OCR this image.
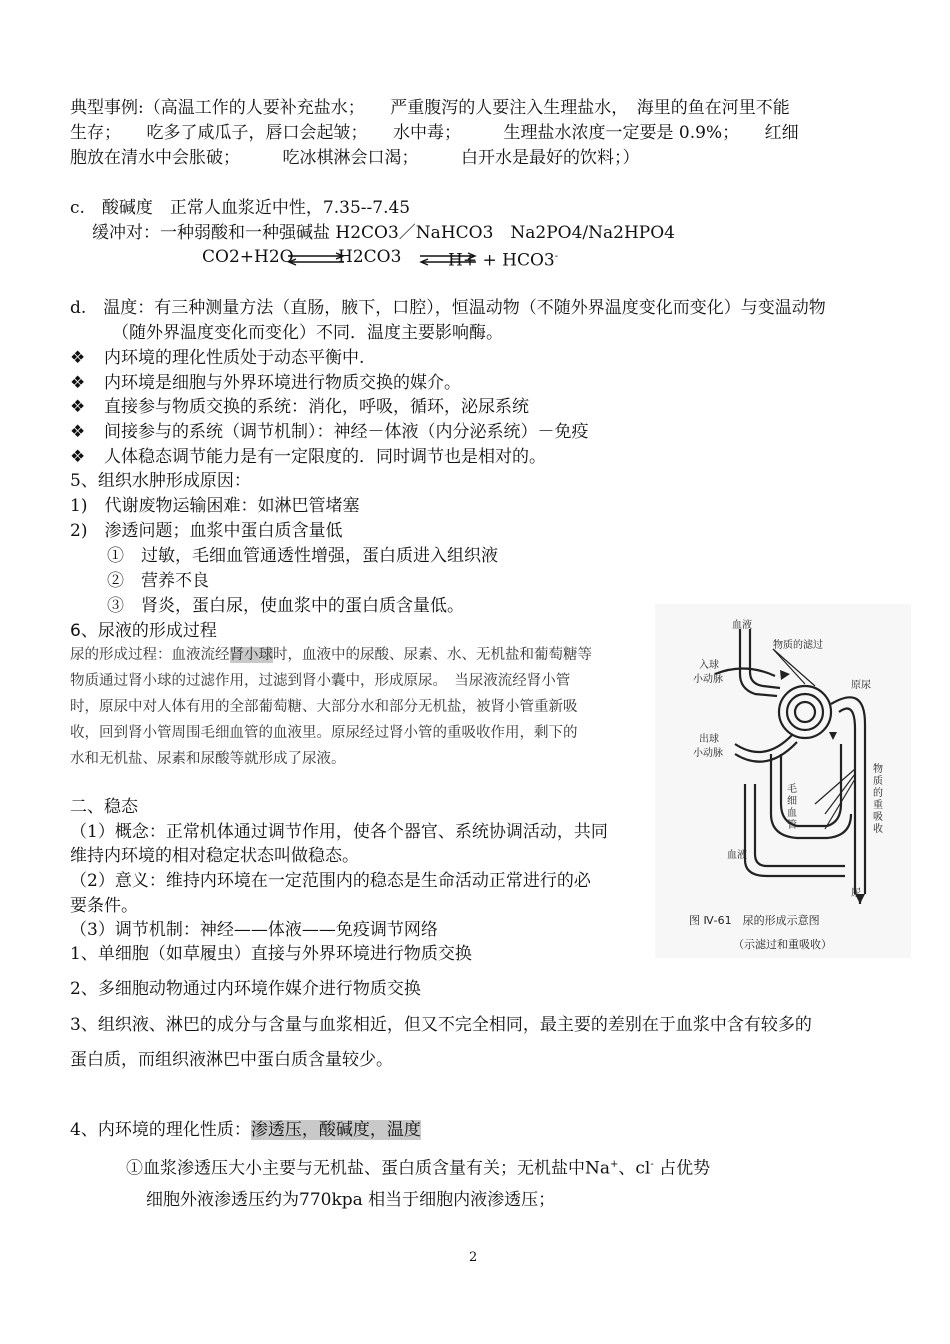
典型事例:（高温工作的人要补充盐水；　　严重腹泻的人要注入生理盐水，　海里的鱼在河里不能
生存；　　吃多了咸瓜子，唇口会起皱；　　水中毒；　　　生理盐水浓度一定要是 0.9%；　　红细
胞放在清水中会胀破；　　　吃冰棋淋会口渴；　　　白开水是最好的饮料；）
c.　酸碱度　正常人血浆近中性，7.35--7.45
缓冲对：一种弱酸和一种强碱盐 H2CO3／NaHCO3　Na2PO4/Na2HPO4
CO2+H2O	H2CO3	H+ + HCO3-
d.　温度：有三种测量方法（直肠，腋下，口腔），恒温动物（不随外界温度变化而变化）与变温动物
（随外界温度变化而变化）不同．温度主要影响酶。
❖ 内环境的理化性质处于动态平衡中.
❖ 内环境是细胞与外界环境进行物质交换的媒介。
❖ 直接参与物质交换的系统：消化，呼吸，循环，泌尿系统
❖ 间接参与的系统（调节机制）：神经－体液（内分泌系统）－免疫
❖ 人体稳态调节能力是有一定限度的．同时调节也是相对的。
5、组织水肿形成原因：
1)　代谢废物运输困难：如淋巴管堵塞
2)　渗透问题；血浆中蛋白质含量低
①　过敏，毛细血管通透性增强，蛋白质进入组织液
②　营养不良
③　肾炎，蛋白尿，使血浆中的蛋白质含量低。
6、尿液的形成过程
尿的形成过程：血液流经肾小球时，血液中的尿酸、尿素、水、无机盐和葡萄糖等
物质通过肾小球的过滤作用，过滤到肾小囊中，形成原尿。　当尿液流经肾小管
时，原尿中对人体有用的全部葡萄糖、大部分水和部分无机盐，被肾小管重新吸
收，回到肾小管周围毛细血管的血液里。原尿经过肾小管的重吸收作用，剩下的
水和无机盐、尿素和尿酸等就形成了尿液。
二、稳态
（1）概念：正常机体通过调节作用，使各个器官、系统协调活动，共同
维持内环境的相对稳定状态叫做稳态。
（2）意义：维持内环境在一定范围内的稳态是生命活动正常进行的必
要条件。
（3）调节机制：神经——体液——免疫调节网络
1、单细胞（如草履虫）直接与外界环境进行物质交换
2、多细胞动物通过内环境作媒介进行物质交换
3、组织液、淋巴的成分与含量与血浆相近，但又不完全相同，最主要的差别在于血浆中含有较多的
蛋白质，而组织液淋巴中蛋白质含量较少。
4、内环境的理化性质：渗透压，酸碱度，温度
①血浆渗透压大小主要与无机盐、蛋白质含量有关；无机盐中Na+、cl- 占优势
细胞外液渗透压约为770kpa 相当于细胞内液渗透压；
血液
物质的滤过
入球
小动脉
原尿
出球
小动脉
物
质
的
重
吸
收
毛
细
血
管
血液
尿
图 Ⅳ-61　尿的形成示意图
（示滤过和重吸收）
2
